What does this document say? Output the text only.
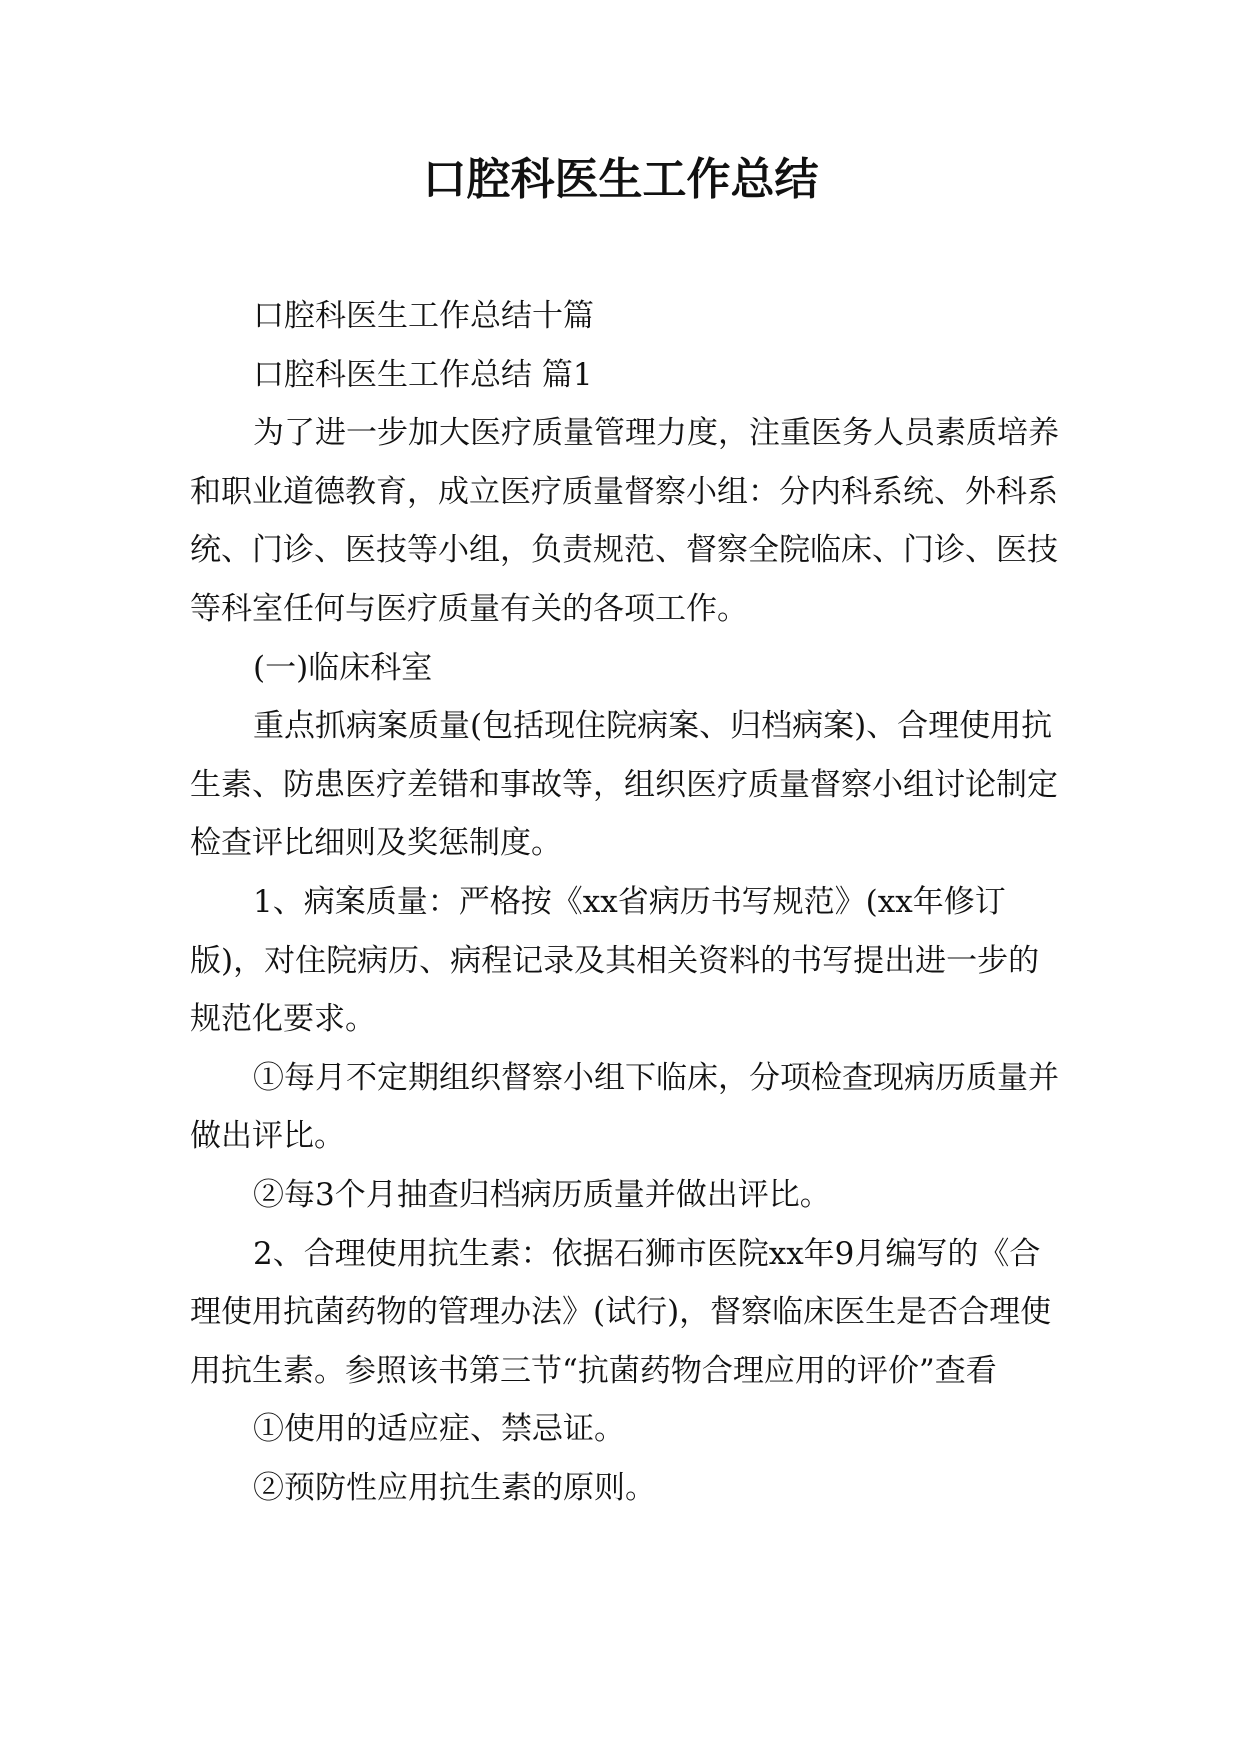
口腔科医生工作总结

口腔科医生工作总结十篇

口腔科医生工作总结 篇1

为了进一步加大医疗质量管理力度，注重医务人员素质培养和职业道德教育，成立医疗质量督察小组：分内科系统、外科系统、门诊、医技等小组，负责规范、督察全院临床、门诊、医技等科室任何与医疗质量有关的各项工作。

(一)临床科室

重点抓病案质量(包括现住院病案、归档病案)、合理使用抗生素、防患医疗差错和事故等，组织医疗质量督察小组讨论制定检查评比细则及奖惩制度。

1、病案质量：严格按《xx省病历书写规范》(xx年修订版)，对住院病历、病程记录及其相关资料的书写提出进一步的规范化要求。

①每月不定期组织督察小组下临床，分项检查现病历质量并做出评比。

②每3个月抽查归档病历质量并做出评比。

2、合理使用抗生素：依据石狮市医院xx年9月编写的《合理使用抗菌药物的管理办法》(试行)，督察临床医生是否合理使用抗生素。参照该书第三节“抗菌药物合理应用的评价”查看

①使用的适应症、禁忌证。

②预防性应用抗生素的原则。
